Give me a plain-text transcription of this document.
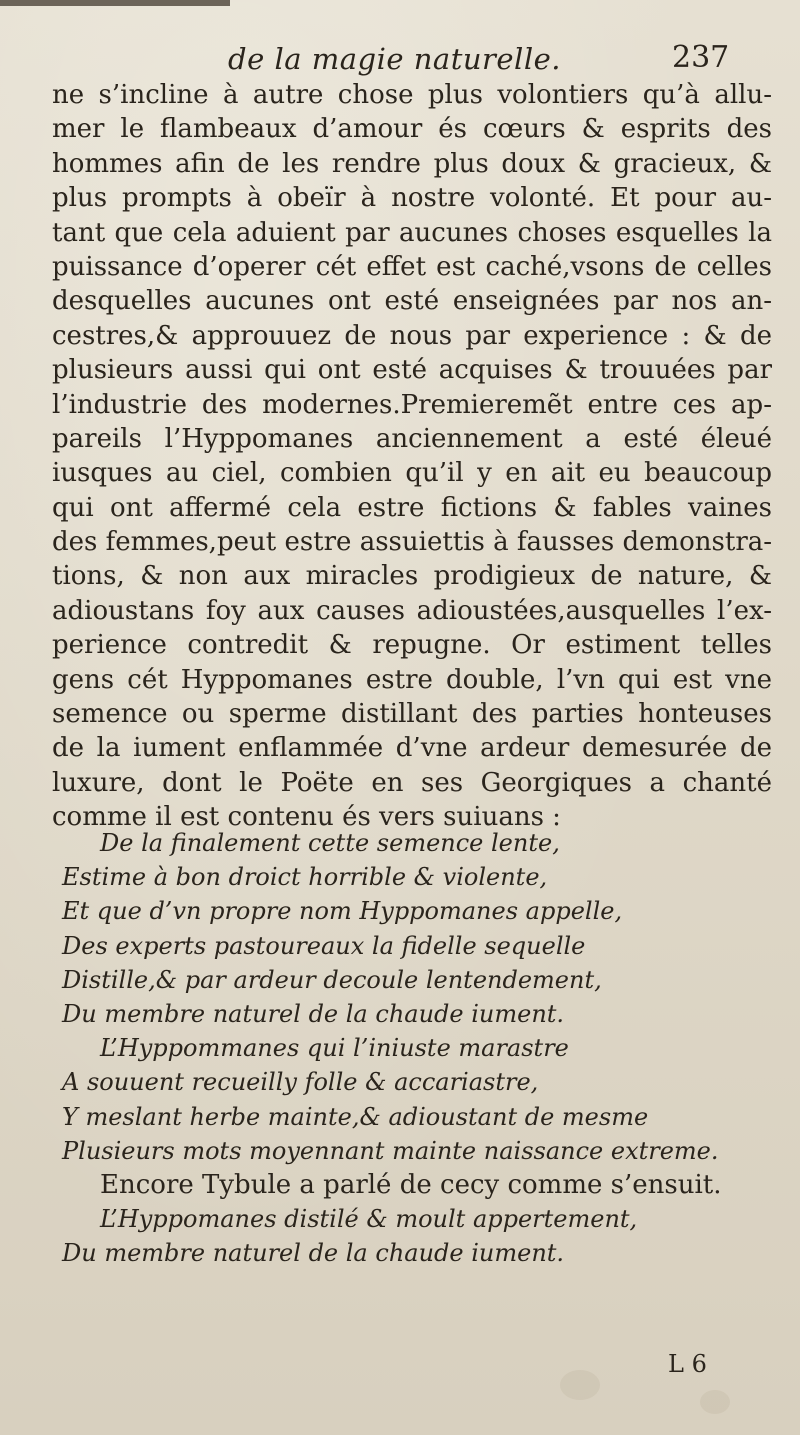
de la magie naturelle.	237
ne s’incline à autre chose plus volontiers qu’à allu-
mer le flambeaux d’amour és cœurs & esprits des
hommes afin de les rendre plus doux & gracieux, &
plus prompts à obeïr à nostre volonté. Et pour au-
tant que cela aduient par aucunes choses esquelles la
puissance d’operer cét effet est caché,vsons de celles
desquelles aucunes ont esté enseignées par nos an-
cestres,& approuuez de nous par experience : & de
plusieurs aussi qui ont esté acquises & trouuées par
l’industrie des modernes.Premieremẽt entre ces ap-
pareils l’Hyppomanes anciennement a esté éleué
iusques au ciel, combien qu’il y en ait eu beaucoup
qui ont affermé cela estre fictions & fables vaines
des femmes,peut estre assuiettis à fausses demonstra-
tions, & non aux miracles prodigieux de nature, &
adioustans foy aux causes adioustées,ausquelles l’ex-
perience contredit & repugne. Or estiment telles
gens cét Hyppomanes estre double, l’vn qui est vne
semence ou sperme distillant des parties honteuses
de la iument enflammée d’vne ardeur demesurée de
luxure, dont le Poëte en ses Georgiques a chanté
comme il est contenu és vers suiuans :
De la finalement cette semence lente,
Estime à bon droict horrible & violente,
Et que d’vn propre nom Hyppomanes appelle,
Des experts pastoureaux la fidelle sequelle
Distille,& par ardeur decoule lentendement,
Du membre naturel de la chaude iument.
L’Hyppommanes qui l’iniuste marastre
A souuent recueilly folle & accariastre,
Y meslant herbe mainte,& adioustant de mesme
Plusieurs mots moyennant mainte naissance extreme.
Encore Tybule a parlé de cecy comme s’ensuit.
L’Hyppomanes distilé & moult appertement,
Du membre naturel de la chaude iument.
L 6
